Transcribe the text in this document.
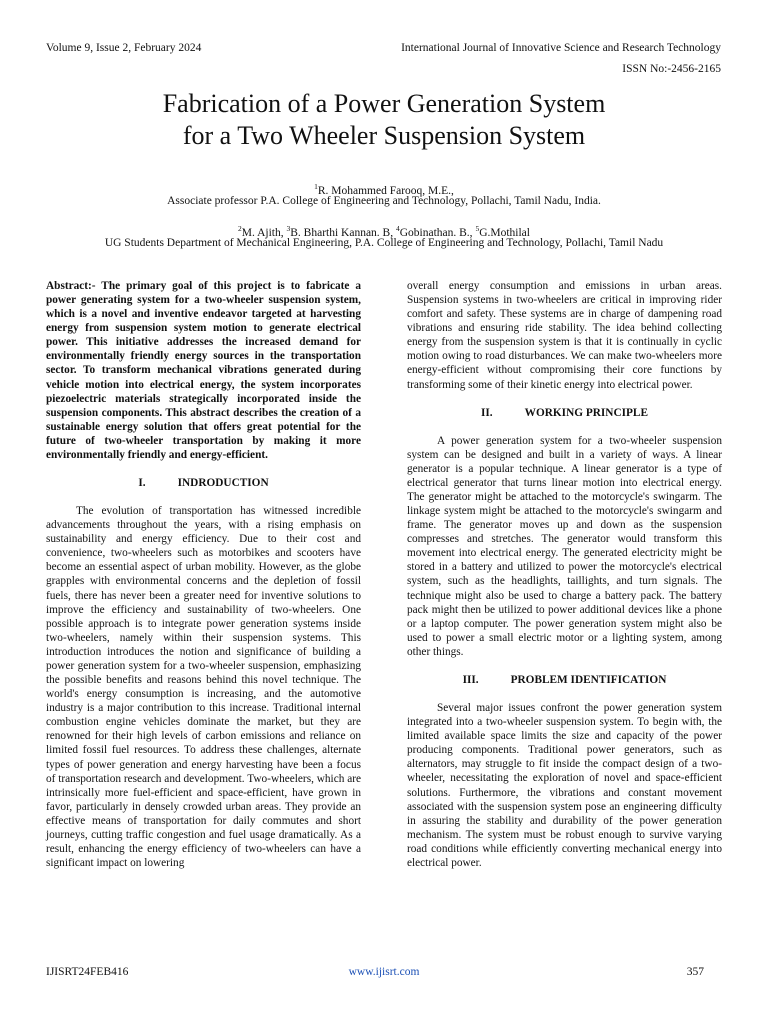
Volume 9, Issue 2, February 2024	International Journal of Innovative Science and Research Technology
ISSN No:-2456-2165
Fabrication of a Power Generation System
for a Two Wheeler Suspension System
$^1$R. Mohammed Farooq, M.E.,
Associate professor P.A. College of Engineering and Technology, Pollachi, Tamil Nadu, India.
$^2$M. Ajith, $^3$B. Bharthi Kannan. B, $^4$Gobinathan. B., $^5$G.Mothilal
UG Students Department of Mechanical Engineering, P.A. College of Engineering and Technology, Pollachi, Tamil Nadu

Abstract:- The primary goal of this project is to fabricate a power generating system for a two-wheeler suspension system, which is a novel and inventive endeavor targeted at harvesting energy from suspension system motion to generate electrical power. This initiative addresses the increased demand for environmentally friendly energy sources in the transportation sector. To transform mechanical vibrations generated during vehicle motion into electrical energy, the system incorporates piezoelectric materials strategically incorporated inside the suspension components. This abstract describes the creation of a sustainable energy solution that offers great potential for the future of two-wheeler transportation by making it more environmentally friendly and energy-efficient.

I.	INDRODUCTION

The evolution of transportation has witnessed incredible advancements throughout the years, with a rising emphasis on sustainability and energy efficiency. Due to their cost and convenience, two-wheelers such as motorbikes and scooters have become an essential aspect of urban mobility. However, as the globe grapples with environmental concerns and the depletion of fossil fuels, there has never been a greater need for inventive solutions to improve the efficiency and sustainability of two-wheelers. One possible approach is to integrate power generation systems inside two-wheelers, namely within their suspension systems. This introduction introduces the notion and significance of building a power generation system for a two-wheeler suspension, emphasizing the possible benefits and reasons behind this novel technique. The world's energy consumption is increasing, and the automotive industry is a major contribution to this increase. Traditional internal combustion engine vehicles dominate the market, but they are renowned for their high levels of carbon emissions and reliance on limited fossil fuel resources. To address these challenges, alternate types of power generation and energy harvesting have been a focus of transportation research and development. Two-wheelers, which are intrinsically more fuel-efficient and space-efficient, have grown in favor, particularly in densely crowded urban areas. They provide an effective means of transportation for daily commutes and short journeys, cutting traffic congestion and fuel usage dramatically. As a result, enhancing the energy efficiency of two-wheelers can have a significant impact on lowering

overall energy consumption and emissions in urban areas. Suspension systems in two-wheelers are critical in improving rider comfort and safety. These systems are in charge of dampening road vibrations and ensuring ride stability. The idea behind collecting energy from the suspension system is that it is continually in cyclic motion owing to road disturbances. We can make two-wheelers more energy-efficient without compromising their core functions by transforming some of their kinetic energy into electrical power.

II.	WORKING PRINCIPLE

A power generation system for a two-wheeler suspension system can be designed and built in a variety of ways. A linear generator is a popular technique. A linear generator is a type of electrical generator that turns linear motion into electrical energy. The generator might be attached to the motorcycle's swingarm. The linkage system might be attached to the motorcycle's swingarm and frame. The generator moves up and down as the suspension compresses and stretches. The generator would transform this movement into electrical energy. The generated electricity might be stored in a battery and utilized to power the motorcycle's electrical system, such as the headlights, taillights, and turn signals. The technique might also be used to charge a battery pack. The battery pack might then be utilized to power additional devices like a phone or a laptop computer. The power generation system might also be used to power a small electric motor or a lighting system, among other things.

III.	PROBLEM IDENTIFICATION

Several major issues confront the power generation system integrated into a two-wheeler suspension system. To begin with, the limited available space limits the size and capacity of the power producing components. Traditional power generators, such as alternators, may struggle to fit inside the compact design of a two-wheeler, necessitating the exploration of novel and space-efficient solutions. Furthermore, the vibrations and constant movement associated with the suspension system pose an engineering difficulty in assuring the stability and durability of the power generation mechanism. The system must be robust enough to survive varying road conditions while efficiently converting mechanical energy into electrical power.

IJISRT24FEB416	www.ijisrt.com	357
